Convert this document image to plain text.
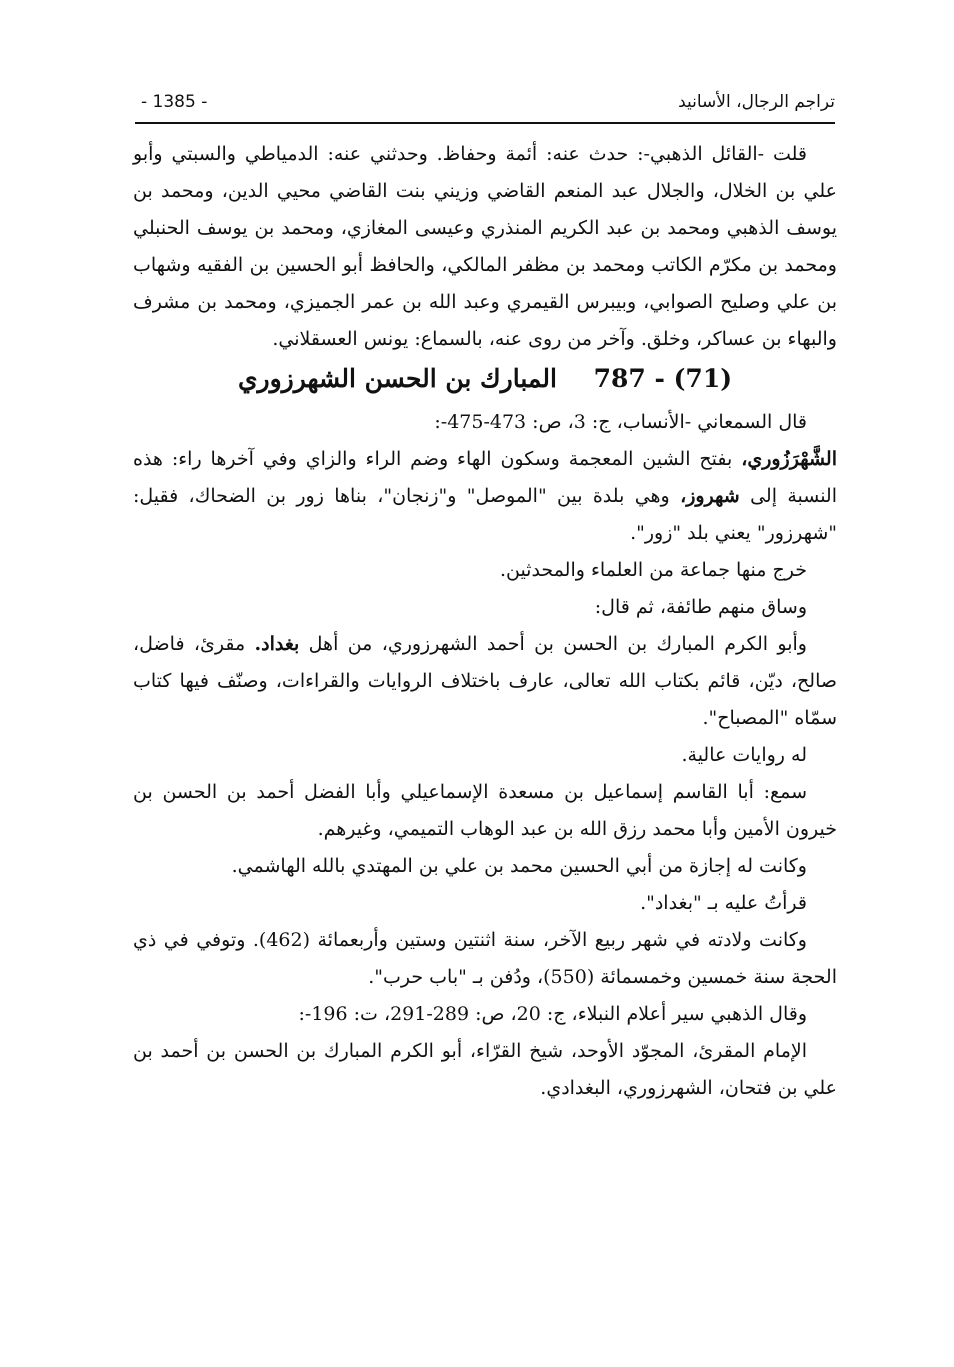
- 1385 -	تراجم الرجال، الأسانيد

قلت -القائل الذهبي-: حدث عنه: أئمة وحفاظ. وحدثني عنه: الدمياطي والسبتي وأبو علي بن الخلال، والجلال عبد المنعم القاضي وزيني بنت القاضي محيي الدين، ومحمد بن يوسف الذهبي ومحمد بن عبد الكريم المنذري وعيسى المغازي، ومحمد بن يوسف الحنبلي ومحمد بن مكرّم الكاتب ومحمد بن مظفر المالكي، والحافظ أبو الحسين بن الفقيه وشهاب بن علي وصليح الصوابي، وبيبرس القيمري وعبد الله بن عمر الجميزي، ومحمد بن مشرف والبهاء بن عساكر، وخلق. وآخر من روى عنه، بالسماع: يونس العسقلاني.

787 - (71) المبارك بن الحسن الشهرزوري

قال السمعاني -الأنساب، ج: 3، ص: 473-475-:

الشَّهْرَزُوري، بفتح الشين المعجمة وسكون الهاء وضم الراء والزاي وفي آخرها راء: هذه النسبة إلى شهروز، وهي بلدة بين "الموصل" و"زنجان"، بناها زور بن الضحاك، فقيل: "شهرزور" يعني بلد "زور".

خرج منها جماعة من العلماء والمحدثين.

وساق منهم طائفة، ثم قال:

وأبو الكرم المبارك بن الحسن بن أحمد الشهرزوري، من أهل بغداد. مقرئ، فاضل، صالح، ديّن، قائم بكتاب الله تعالى، عارف باختلاف الروايات والقراءات، وصنّف فيها كتاب سمّاه "المصباح".

له روايات عالية.

سمع: أبا القاسم إسماعيل بن مسعدة الإسماعيلي وأبا الفضل أحمد بن الحسن بن خيرون الأمين وأبا محمد رزق الله بن عبد الوهاب التميمي، وغيرهم.

وكانت له إجازة من أبي الحسين محمد بن علي بن المهتدي بالله الهاشمي.

قرأتُ عليه بـ "بغداد".

وكانت ولادته في شهر ربيع الآخر، سنة اثنتين وستين وأربعمائة (462). وتوفي في ذي الحجة سنة خمسين وخمسمائة (550)، ودُفن بـ "باب حرب".

وقال الذهبي سير أعلام النبلاء، ج: 20، ص: 289-291، ت: 196-:

الإمام المقرئ، المجوّد الأوحد، شيخ القرّاء، أبو الكرم المبارك بن الحسن بن أحمد بن علي بن فتحان، الشهرزوري، البغدادي.
